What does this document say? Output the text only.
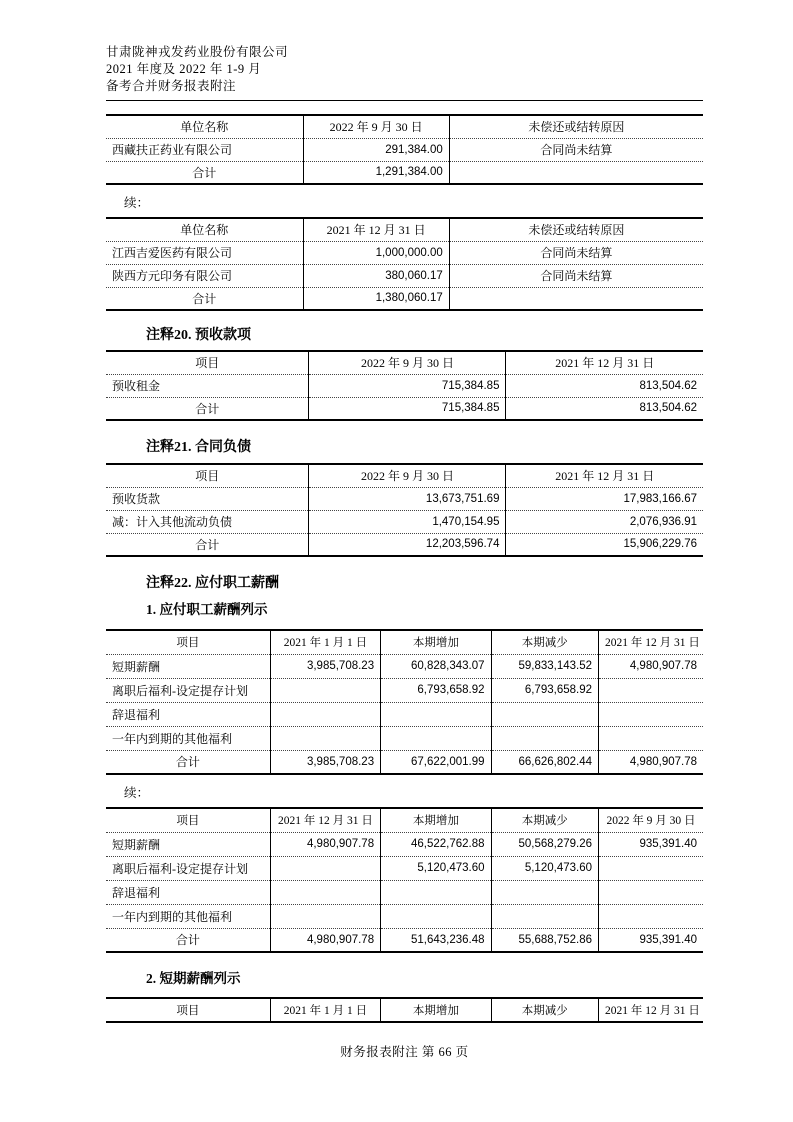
甘肃陇神戎发药业股份有限公司
2021 年度及 2022 年 1-9 月
备考合并财务报表附注
单位名称	2022 年 9 月 30 日	未偿还或结转原因
西藏扶正药业有限公司	291,384.00	合同尚未结算
合计	1,291,384.00	
续：
单位名称	2021 年 12 月 31 日	未偿还或结转原因
江西吉爱医药有限公司	1,000,000.00	合同尚未结算
陕西方元印务有限公司	380,060.17	合同尚未结算
合计	1,380,060.17	
注释20. 预收款项
项目	2022 年 9 月 30 日	2021 年 12 月 31 日
预收租金	715,384.85	813,504.62
合计	715,384.85	813,504.62
注释21. 合同负债
项目	2022 年 9 月 30 日	2021 年 12 月 31 日
预收货款	13,673,751.69	17,983,166.67
减：计入其他流动负债	1,470,154.95	2,076,936.91
合计	12,203,596.74	15,906,229.76
注释22. 应付职工薪酬
1. 应付职工薪酬列示
项目	2021 年 1 月 1 日	本期增加	本期减少	2021 年 12 月 31 日
短期薪酬	3,985,708.23	60,828,343.07	59,833,143.52	4,980,907.78
离职后福利-设定提存计划		6,793,658.92	6,793,658.92	
辞退福利				
一年内到期的其他福利				
合计	3,985,708.23	67,622,001.99	66,626,802.44	4,980,907.78
续：
项目	2021 年 12 月 31 日	本期增加	本期减少	2022 年 9 月 30 日
短期薪酬	4,980,907.78	46,522,762.88	50,568,279.26	935,391.40
离职后福利-设定提存计划		5,120,473.60	5,120,473.60	
辞退福利				
一年内到期的其他福利				
合计	4,980,907.78	51,643,236.48	55,688,752.86	935,391.40
2. 短期薪酬列示
项目	2021 年 1 月 1 日	本期增加	本期减少	2021 年 12 月 31 日
财务报表附注 第 66 页
